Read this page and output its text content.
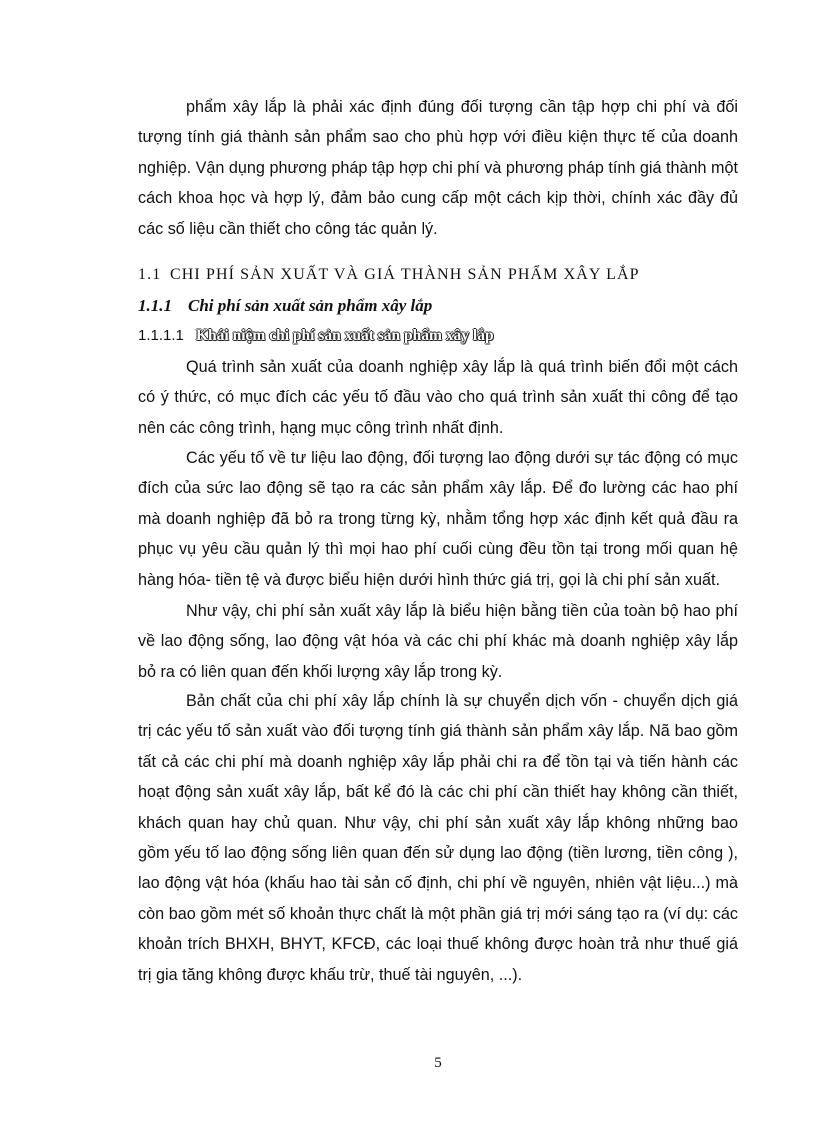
phẩm xây lắp là phải xác định đúng đối tượng cần tập hợp chi phí và đối tượng tính giá thành sản phẩm sao cho phù hợp với điều kiện thực tế của doanh nghiệp. Vận dụng phương pháp tập hợp chi phí và phương pháp tính giá thành một cách khoa học và hợp lý, đảm bảo cung cấp một cách kịp thời, chính xác đầy đủ các số liệu cần thiết cho công tác quản lý.

1.1 CHI PHÍ SẢN XUẤT VÀ GIÁ THÀNH SẢN PHẨM XÂY LẮP
1.1.1 Chi phí sản xuất sản phẩm xây lắp
1.1.1.1 Khái niệm chi phí sản xuất sản phẩm xây lắp

Quá trình sản xuất của doanh nghiệp xây lắp là quá trình biến đổi một cách có ý thức, có mục đích các yếu tố đầu vào cho quá trình sản xuất thi công để tạo nên các công trình, hạng mục công trình nhất định.

Các yếu tố về tư liệu lao động, đối tượng lao động dưới sự tác động có mục đích của sức lao động sẽ tạo ra các sản phẩm xây lắp. Để đo lường các hao phí mà doanh nghiệp đã bỏ ra trong từng kỳ, nhằm tổng hợp xác định kết quả đầu ra phục vụ yêu cầu quản lý thì mọi hao phí cuối cùng đều tồn tại trong mối quan hệ hàng hóa- tiền tệ và được biểu hiện dưới hình thức giá trị, gọi là chi phí sản xuất.

Như vậy, chi phí sản xuất xây lắp là biểu hiện bằng tiền của toàn bộ hao phí về lao động sống, lao động vật hóa và các chi phí khác mà doanh nghiệp xây lắp bỏ ra có liên quan đến khối lượng xây lắp trong kỳ.

Bản chất của chi phí xây lắp chính là sự chuyển dịch vốn - chuyển dịch giá trị các yếu tố sản xuất vào đối tượng tính giá thành sản phẩm xây lắp. Nã bao gồm tất cả các chi phí mà doanh nghiệp xây lắp phải chi ra để tồn tại và tiến hành các hoạt động sản xuất xây lắp, bất kể đó là các chi phí cần thiết hay không cần thiết, khách quan hay chủ quan. Như vậy, chi phí sản xuất xây lắp không những bao gồm yếu tố lao động sống liên quan đến sử dụng lao động (tiền lương, tiền công ), lao động vật hóa (khấu hao tài sản cố định, chi phí về nguyên, nhiên vật liệu...) mà còn bao gồm mét số khoản thực chất là một phần giá trị mới sáng tạo ra (ví dụ: các khoản trích BHXH, BHYT, KFCĐ, các loại thuế không được hoàn trả như thuế giá trị gia tăng không được khấu trừ, thuế tài nguyên, ...).

5
